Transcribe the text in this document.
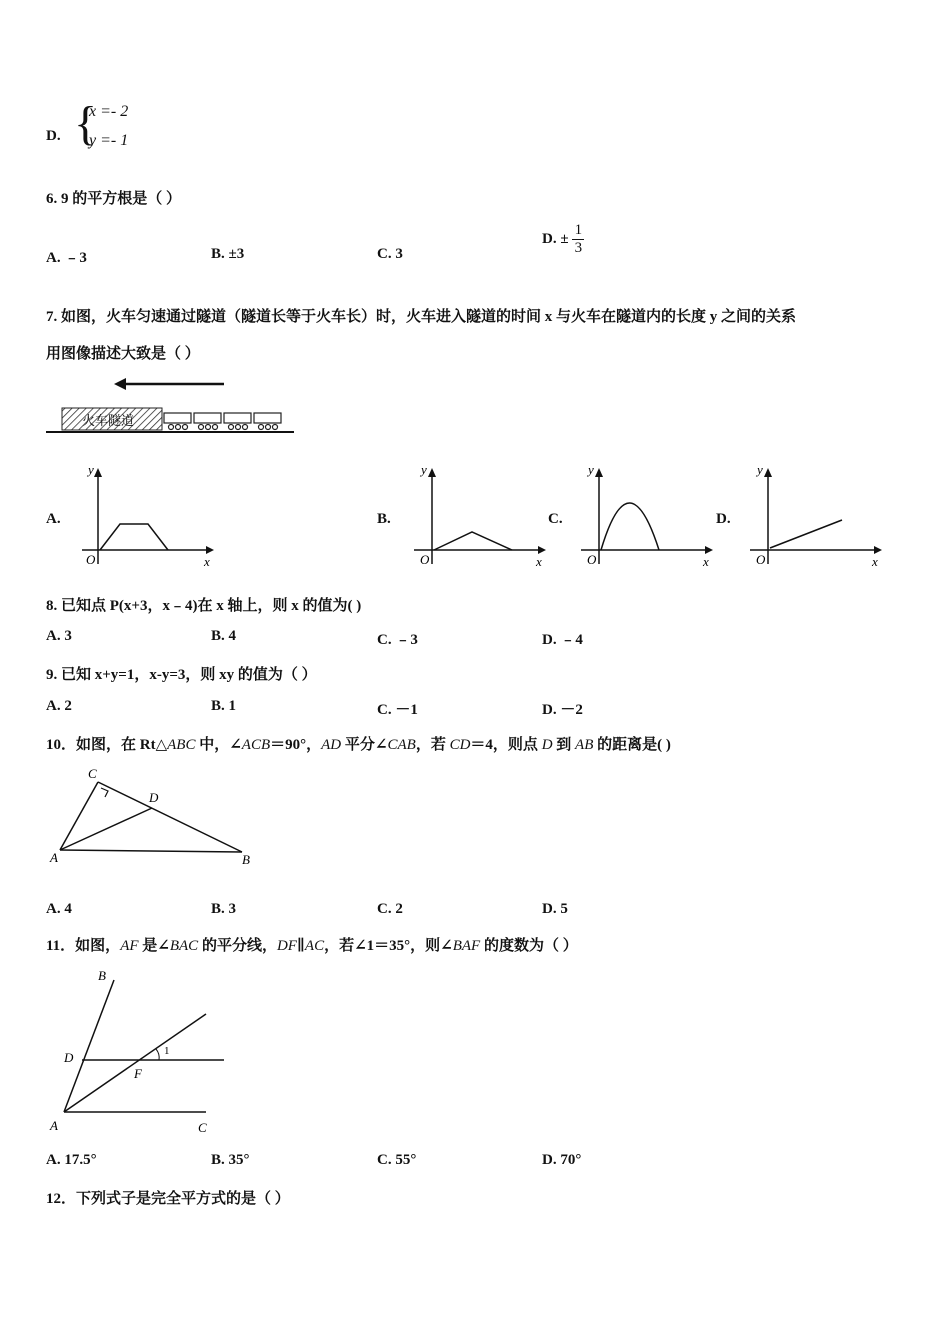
D. {
x =- 2
y =- 1
6. 9 的平方根是（ ）
A. ﹣3	B. ±3	C. 3
D. ± $\frac{1}{3}$
7. 如图，火车匀速通过隧道（隧道长等于火车长）时，火车进入隧道的时间 x 与火车在隧道内的长度 y 之间的关系
用图像描述大致是（ ）
火车隧道
A.	B.	C.	D.
y
x
O
y
x
O
y
x
O
y
x
O
8. 已知点 P(x+3，x﹣4)在 x 轴上，则 x 的值为( )
A. 3	B. 4	C. ﹣3	D. ﹣4
9. 已知 x+y=1，x-y=3，则 xy 的值为（ ）
A. 2	B. 1	C. －1	D. －2
10．如图，在 Rt△ABC 中，∠ACB＝90°，AD 平分∠CAB，若 CD＝4，则点 D 到 AB 的距离是( )
C
D
A	B
A. 4	B. 3	C. 2	D. 5
11．如图，AF 是∠BAC 的平分线，DF∥AC，若∠1＝35°，则∠BAF 的度数为（ ）
B
D
F
1
A	C
A. 17.5°	B. 35°	C. 55°	D. 70°
12．下列式子是完全平方式的是（ ）
